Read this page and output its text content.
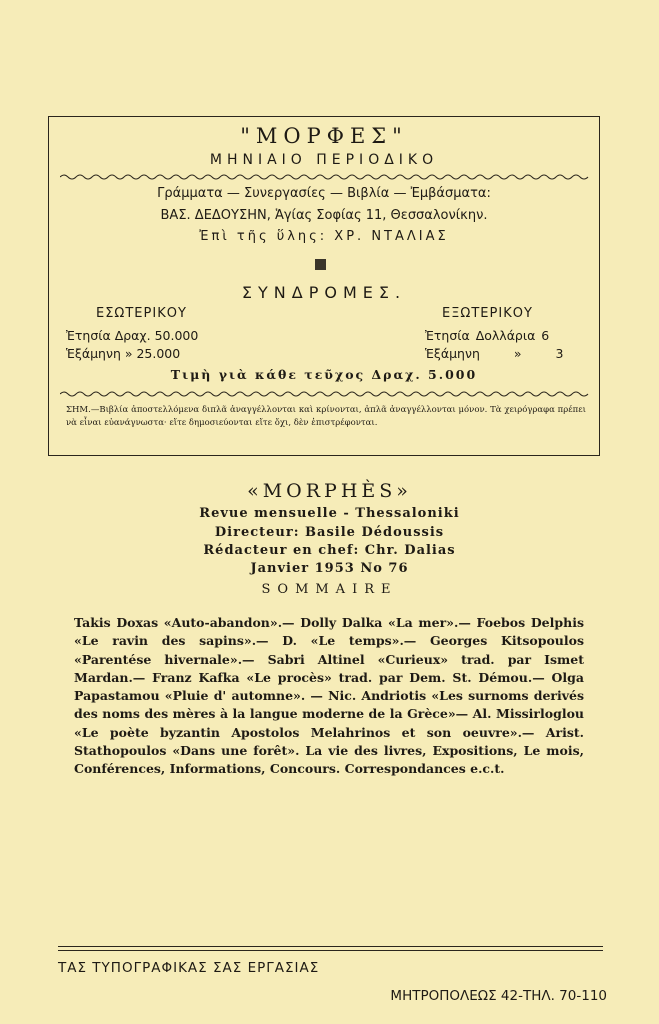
"ΜΟΡΦΕΣ"
ΜΗΝΙΑΙΟ ΠΕΡΙΟΔΙΚΟ
Γράμματα — Συνεργασίες — Βιβλία — Ἐμβάσματα:
ΒΑΣ. ΔΕΔΟΥΣΗΝ, Ἁγίας Σοφίας 11, Θεσσαλονίκην.
Ἐπὶ τῆς ὕλης: ΧΡ. ΝΤΑΛΙΑΣ
ΣΥΝΔΡΟΜΕΣ.
ΕΣΩΤΕΡΙΚΟΥ
Ἐτησία Δραχ. 50.000
Ἑξάμηνη » 25.000
ΕΞΩΤΕΡΙΚΟΥ
Ἐτησία Δολλάρια 6
Ἑξάμηνη » 3
Τιμὴ γιὰ κάθε τεῦχος Δραχ. 5.000
ΣΗΜ.—Βιβλία ἀποστελλόμενα διπλᾶ ἀναγγέλλονται καὶ κρίνονται, ἁπλᾶ ἀναγγέλλονται μόνον. Τὰ χειρόγραφα πρέπει νὰ εἶναι εὐανάγνωστα· εἴτε δημοσιεύονται εἴτε ὄχι, δὲν ἐπιστρέφονται.
«MORPHÈS»
Revue mensuelle - Thessaloniki
Directeur: Basile Dédoussis
Rédacteur en chef: Chr. Dalias
Janvier 1953 No 76
SOMMAIRE
Takis Doxas «Auto-abandon».— Dolly Dalka «La mer».— Foebos Delphis «Le ravin des sapins».— D. «Le temps».— Georges Kitsopoulos «Parentése hivernale».— Sabri Altinel «Curieux» trad. par Ismet Mardan.— Franz Kafka «Le procès» trad. par Dem. St. Démou.— Olga Papastamou «Pluie d' automne». — Nic. Andriotis «Les surnoms derivés des noms des mères à la langue moderne de la Grèce»— Al. Missirloglou «Le poète byzantin Apostolos Melahrinos et son oeuvre».— Arist. Stathopoulos «Dans une forêt». La vie des livres, Expositions, Le mois, Conférences, Informations, Concours. Correspondances e.c.t.
ΤΑΣ ΤΥΠΟΓΡΑΦΙΚΑΣ ΣΑΣ ΕΡΓΑΣΙΑΣ
ΜΗΤΡΟΠΟΛΕΩΣ 42-ΤΗΛ. 70-110
